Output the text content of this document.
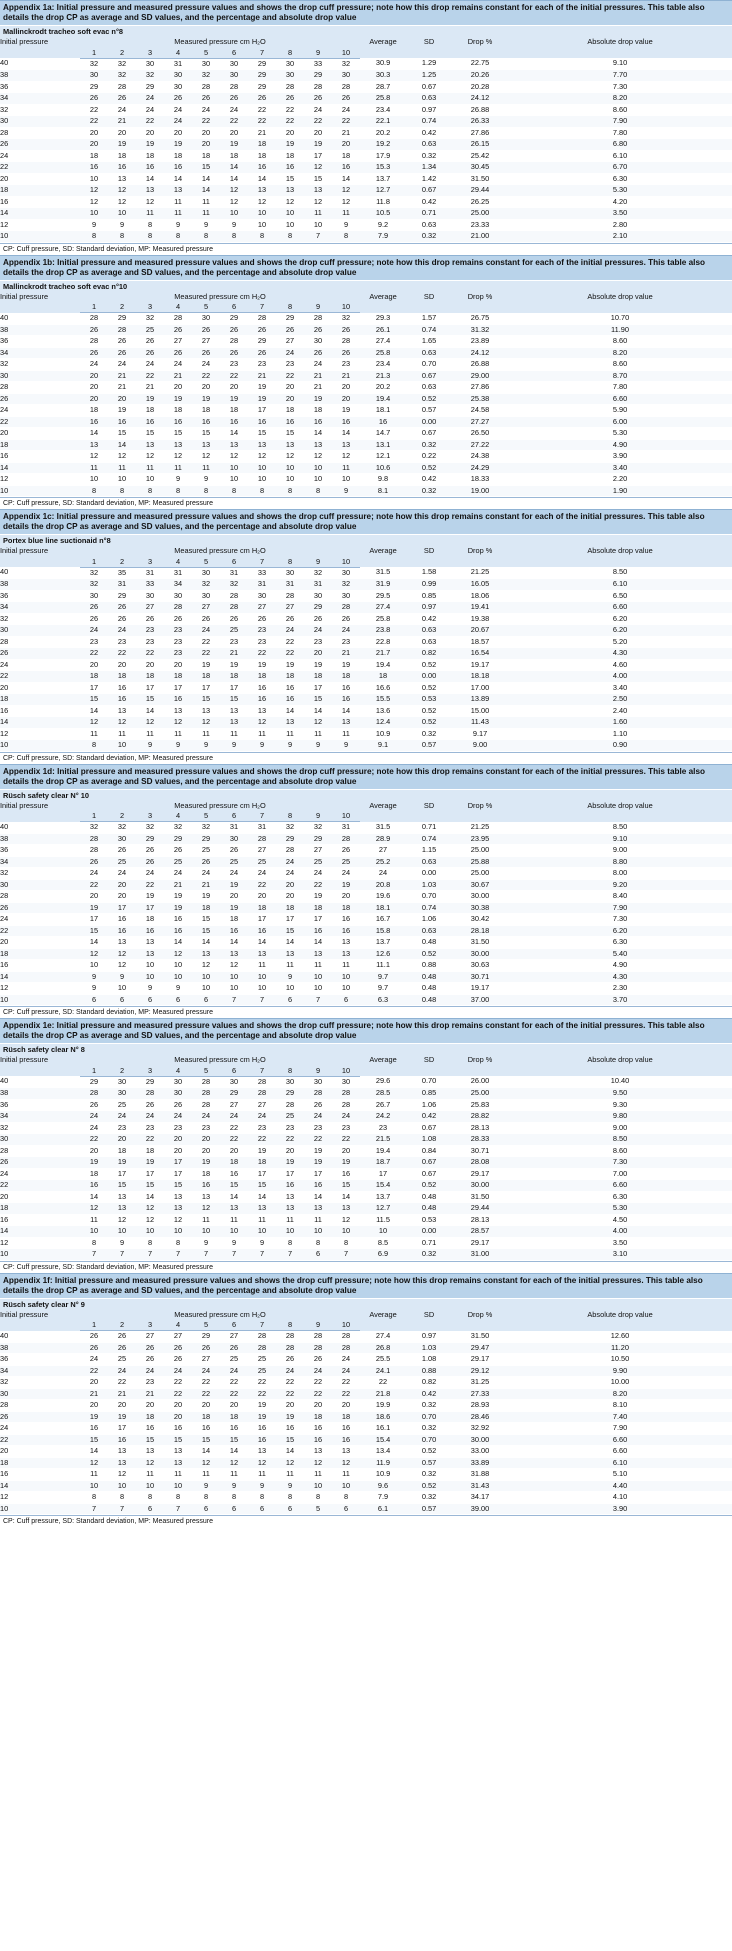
Appendix 1a: Initial pressure and measured pressure values and shows the drop cuff pressure; note how this drop remains constant for each of the initial pressures. This table also details the drop CP as average and SD values, and the percentage and absolute drop value
Mallinckrodt tracheo soft evac n°8
Initial pressure	Measured pressure cm H₂O										Average	SD	Drop %	Absolute drop value
	1	2	3	4	5	6	7	8	9	10				
40	32	32	30	31	30	30	29	30	33	32	30.9	1.29	22.75	9.10
38	30	32	32	30	32	30	29	30	29	30	30.3	1.25	20.26	7.70
36	29	28	29	30	28	28	29	28	28	28	28.7	0.67	20.28	7.30
34	26	26	24	26	26	26	26	26	26	26	25.8	0.63	24.12	8.20
32	22	24	24	24	24	24	22	22	24	24	23.4	0.97	26.88	8.60
30	22	21	22	24	22	22	22	22	22	22	22.1	0.74	26.33	7.90
28	20	20	20	20	20	20	21	20	20	21	20.2	0.42	27.86	7.80
26	20	19	19	19	20	19	18	19	19	20	19.2	0.63	26.15	6.80
24	18	18	18	18	18	18	18	18	17	18	17.9	0.32	25.42	6.10
22	16	16	16	16	15	14	16	16	12	16	15.3	1.34	30.45	6.70
20	10	13	14	14	14	14	14	15	15	14	13.7	1.42	31.50	6.30
18	12	12	13	13	14	12	13	13	13	12	12.7	0.67	29.44	5.30
16	12	12	12	11	11	12	12	12	12	12	11.8	0.42	26.25	4.20
14	10	10	11	11	11	10	10	10	11	11	10.5	0.71	25.00	3.50
12	9	9	8	9	9	9	10	10	10	9	9.2	0.63	23.33	2.80
10	8	8	8	8	8	8	8	8	7	8	7.9	0.32	21.00	2.10
CP: Cuff pressure, SD: Standard deviation, MP: Measured pressure
Appendix 1b: Initial pressure and measured pressure values and shows the drop cuff pressure; note how this drop remains constant for each of the initial pressures. This table also details the drop CP as average and SD values, and the percentage and absolute drop value
Mallinckrodt tracheo soft evac n°10
Initial pressure	Measured pressure cm H₂O										Average	SD	Drop %	Absolute drop value
	1	2	3	4	5	6	7	8	9	10				
40	28	29	32	28	30	29	28	29	28	32	29.3	1.57	26.75	10.70
38	26	28	25	26	26	26	26	26	26	26	26.1	0.74	31.32	11.90
36	28	26	26	27	27	28	29	27	30	28	27.4	1.65	23.89	8.60
34	26	26	26	26	26	26	26	24	26	26	25.8	0.63	24.12	8.20
32	24	24	24	24	24	23	23	23	24	23	23.4	0.70	26.88	8.60
30	20	21	22	21	22	22	21	22	21	21	21.3	0.67	29.00	8.70
28	20	21	21	20	20	20	19	20	21	20	20.2	0.63	27.86	7.80
26	20	20	19	19	19	19	19	20	19	20	19.4	0.52	25.38	6.60
24	18	19	18	18	18	18	17	18	18	19	18.1	0.57	24.58	5.90
22	16	16	16	16	16	16	16	16	16	16	16	0.00	27.27	6.00
20	14	15	15	15	15	14	15	15	14	14	14.7	0.67	26.50	5.30
18	13	14	13	13	13	13	13	13	13	13	13.1	0.32	27.22	4.90
16	12	12	12	12	12	12	12	12	12	12	12.1	0.22	24.38	3.90
14	11	11	11	11	11	10	10	10	10	11	10.6	0.52	24.29	3.40
12	10	10	10	9	9	10	10	10	10	10	9.8	0.42	18.33	2.20
10	8	8	8	8	8	8	8	8	8	9	8.1	0.32	19.00	1.90
CP: Cuff pressure, SD: Standard deviation, MP: Measured pressure
Appendix 1c: Initial pressure and measured pressure values and shows the drop cuff pressure; note how this drop remains constant for each of the initial pressures. This table also details the drop CP as average and SD values, and the percentage and absolute drop value
Portex blue line suctionaid n°8
Initial pressure	Measured pressure cm H₂O										Average	SD	Drop %	Absolute drop value
	1	2	3	4	5	6	7	8	9	10				
40	32	35	31	31	30	31	33	30	32	30	31.5	1.58	21.25	8.50
38	32	31	33	34	32	32	31	31	31	32	31.9	0.99	16.05	6.10
36	30	29	30	30	30	28	30	28	30	30	29.5	0.85	18.06	6.50
34	26	26	27	28	27	28	27	27	29	28	27.4	0.97	19.41	6.60
32	26	26	26	26	26	26	26	26	26	26	25.8	0.42	19.38	6.20
30	24	24	23	23	24	25	23	24	24	24	23.8	0.63	20.67	6.20
28	23	23	23	23	22	23	23	22	23	23	22.8	0.63	18.57	5.20
26	22	22	22	23	22	21	22	22	20	21	21.7	0.82	16.54	4.30
24	20	20	20	20	19	19	19	19	19	19	19.4	0.52	19.17	4.60
22	18	18	18	18	18	18	18	18	18	18	18	0.00	18.18	4.00
20	17	16	17	17	17	17	16	16	17	16	16.6	0.52	17.00	3.40
18	15	16	15	16	15	15	16	16	15	16	15.5	0.53	13.89	2.50
16	14	13	14	13	13	13	13	14	14	14	13.6	0.52	15.00	2.40
14	12	12	12	12	12	13	12	13	12	13	12.4	0.52	11.43	1.60
12	11	11	11	11	11	11	11	11	11	11	10.9	0.32	9.17	1.10
10	8	10	9	9	9	9	9	9	9	9	9.1	0.57	9.00	0.90
CP: Cuff pressure, SD: Standard deviation, MP: Measured pressure
Appendix 1d: Initial pressure and measured pressure values and shows the drop cuff pressure; note how this drop remains constant for each of the initial pressures. This table also details the drop CP as average and SD values, and the percentage and absolute drop value
Rüsch safety clear N° 10
Initial pressure	Measured pressure cm H₂O										Average	SD	Drop %	Absolute drop value
	1	2	3	4	5	6	7	8	9	10				
40	32	32	32	32	32	31	31	32	32	31	31.5	0.71	21.25	8.50
38	28	30	29	29	29	30	28	29	29	28	28.9	0.74	23.95	9.10
36	28	26	26	26	25	26	27	28	27	26	27	1.15	25.00	9.00
34	26	25	26	25	26	25	25	24	25	25	25.2	0.63	25.88	8.80
32	24	24	24	24	24	24	24	24	24	24	24	0.00	25.00	8.00
30	22	20	22	21	21	19	22	20	22	19	20.8	1.03	30.67	9.20
28	20	20	19	19	19	20	20	20	19	20	19.6	0.70	30.00	8.40
26	19	17	17	19	18	19	18	18	18	18	18.1	0.74	30.38	7.90
24	17	16	18	16	15	18	17	17	17	16	16.7	1.06	30.42	7.30
22	15	16	16	16	15	16	16	15	16	16	15.8	0.63	28.18	6.20
20	14	13	13	14	14	14	14	14	14	13	13.7	0.48	31.50	6.30
18	12	12	13	12	13	13	13	13	13	13	12.6	0.52	30.00	5.40
16	10	12	10	10	12	12	11	11	11	11	11.1	0.88	30.63	4.90
14	9	9	10	10	10	10	10	9	10	10	9.7	0.48	30.71	4.30
12	9	10	9	9	10	10	10	10	10	10	9.7	0.48	19.17	2.30
10	6	6	6	6	6	7	7	6	7	6	6.3	0.48	37.00	3.70
CP: Cuff pressure, SD: Standard deviation, MP: Measured pressure
Appendix 1e: Initial pressure and measured pressure values and shows the drop cuff pressure; note how this drop remains constant for each of the initial pressures. This table also details the drop CP as average and SD values, and the percentage and absolute drop value
Rüsch safety clear N° 8
Initial pressure	Measured pressure cm H₂O										Average	SD	Drop %	Absolute drop value
	1	2	3	4	5	6	7	8	9	10				
40	29	30	29	30	28	30	28	30	30	30	29.6	0.70	26.00	10.40
38	28	30	28	30	28	29	28	29	28	28	28.5	0.85	25.00	9.50
36	26	25	26	26	28	27	27	28	26	28	26.7	1.06	25.83	9.30
34	24	24	24	24	24	24	24	25	24	24	24.2	0.42	28.82	9.80
32	24	23	23	23	23	22	23	23	23	23	23	0.67	28.13	9.00
30	22	20	22	20	20	22	22	22	22	22	21.5	1.08	28.33	8.50
28	20	18	18	20	20	20	19	20	19	20	19.4	0.84	30.71	8.60
26	19	19	19	17	19	18	18	19	19	19	18.7	0.67	28.08	7.30
24	18	17	17	17	18	16	17	17	17	16	17	0.67	29.17	7.00
22	16	15	15	15	16	15	15	16	16	15	15.4	0.52	30.00	6.60
20	14	13	14	13	13	14	14	13	14	14	13.7	0.48	31.50	6.30
18	12	13	12	13	12	13	13	13	13	13	12.7	0.48	29.44	5.30
16	11	12	12	12	11	11	11	11	11	12	11.5	0.53	28.13	4.50
14	10	10	10	10	10	10	10	10	10	10	10	0.00	28.57	4.00
12	8	9	8	8	9	9	9	8	8	8	8.5	0.71	29.17	3.50
10	7	7	7	7	7	7	7	7	6	7	6.9	0.32	31.00	3.10
CP: Cuff pressure, SD: Standard deviation, MP: Measured pressure
Appendix 1f: Initial pressure and measured pressure values and shows the drop cuff pressure; note how this drop remains constant for each of the initial pressures. This table also details the drop CP as average and SD values, and the percentage and absolute drop value
Rüsch safety clear N° 9
Initial pressure	Measured pressure cm H₂O										Average	SD	Drop %	Absolute drop value
	1	2	3	4	5	6	7	8	9	10				
40	26	26	27	27	29	27	28	28	28	28	27.4	0.97	31.50	12.60
38	26	26	26	26	26	26	28	28	28	28	26.8	1.03	29.47	11.20
36	24	25	26	26	27	25	25	26	26	24	25.5	1.08	29.17	10.50
34	22	24	24	24	24	24	25	24	24	24	24.1	0.88	29.12	9.90
32	20	22	23	22	22	22	22	22	22	22	22	0.82	31.25	10.00
30	21	21	21	22	22	22	22	22	22	22	21.8	0.42	27.33	8.20
28	20	20	20	20	20	20	19	20	20	20	19.9	0.32	28.93	8.10
26	19	19	18	20	18	18	19	19	18	18	18.6	0.70	28.46	7.40
24	16	17	16	16	16	16	16	16	16	16	16.1	0.32	32.92	7.90
22	15	16	15	15	15	15	16	15	16	16	15.4	0.70	30.00	6.60
20	14	13	13	13	14	14	13	14	13	13	13.4	0.52	33.00	6.60
18	12	13	12	13	12	12	12	12	12	12	11.9	0.57	33.89	6.10
16	11	12	11	11	11	11	11	11	11	11	10.9	0.32	31.88	5.10
14	10	10	10	10	9	9	9	9	10	10	9.6	0.52	31.43	4.40
12	8	8	8	8	8	8	8	8	8	8	7.9	0.32	34.17	4.10
10	7	7	6	7	6	6	6	6	5	6	6.1	0.57	39.00	3.90
CP: Cuff pressure, SD: Standard deviation, MP: Measured pressure
